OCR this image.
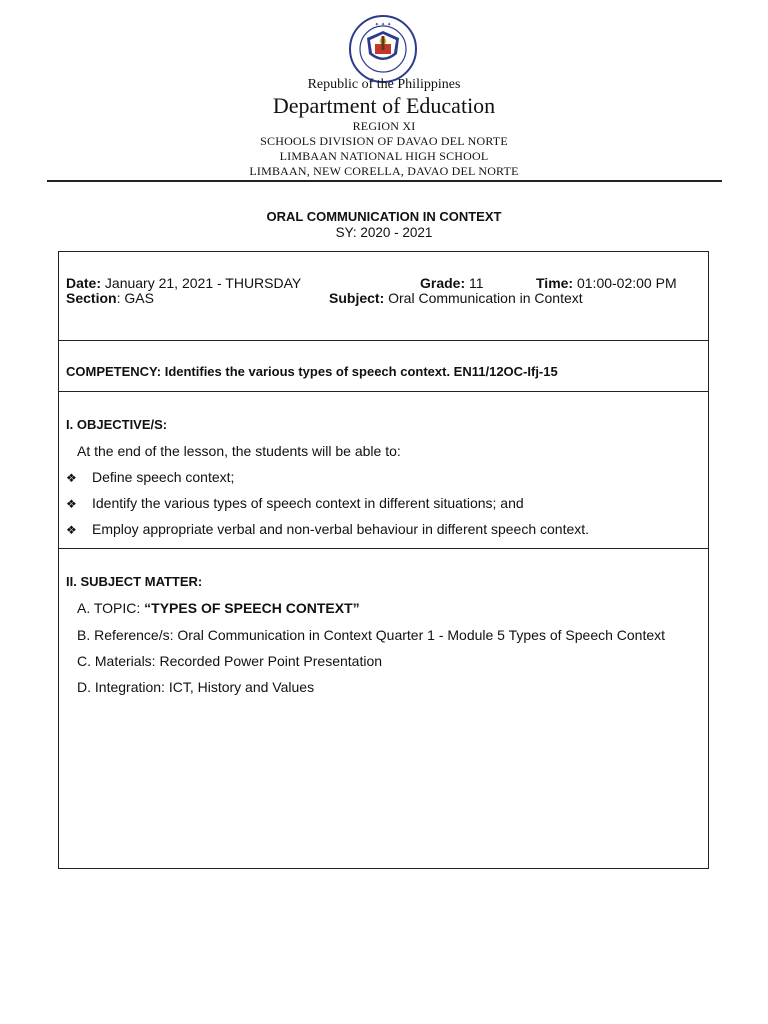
✦ ✦ ✦
Republic of the Philippines
Department of Education
REGION XI
SCHOOLS DIVISION OF DAVAO DEL NORTE
LIMBAAN NATIONAL HIGH SCHOOL
LIMBAAN, NEW CORELLA, DAVAO DEL NORTE
ORAL COMMUNICATION IN CONTEXT
SY: 2020 - 2021
Date: January 21, 2021 - THURSDAY	Grade: 11	Time: 01:00-02:00 PM
Section: GAS	Subject: Oral Communication in Context
COMPETENCY: Identifies the various types of speech context. EN11/12OC-Ifj-15
I. OBJECTIVE/S:
At the end of the lesson, the students will be able to:
❖ Define speech context;
❖ Identify the various types of speech context in different situations; and
❖ Employ appropriate verbal and non-verbal behaviour in different speech context.
II. SUBJECT MATTER:
A. TOPIC: “TYPES OF SPEECH CONTEXT”
B. Reference/s: Oral Communication in Context Quarter 1 - Module 5 Types of Speech Context
C. Materials: Recorded Power Point Presentation
D. Integration: ICT, History and Values
